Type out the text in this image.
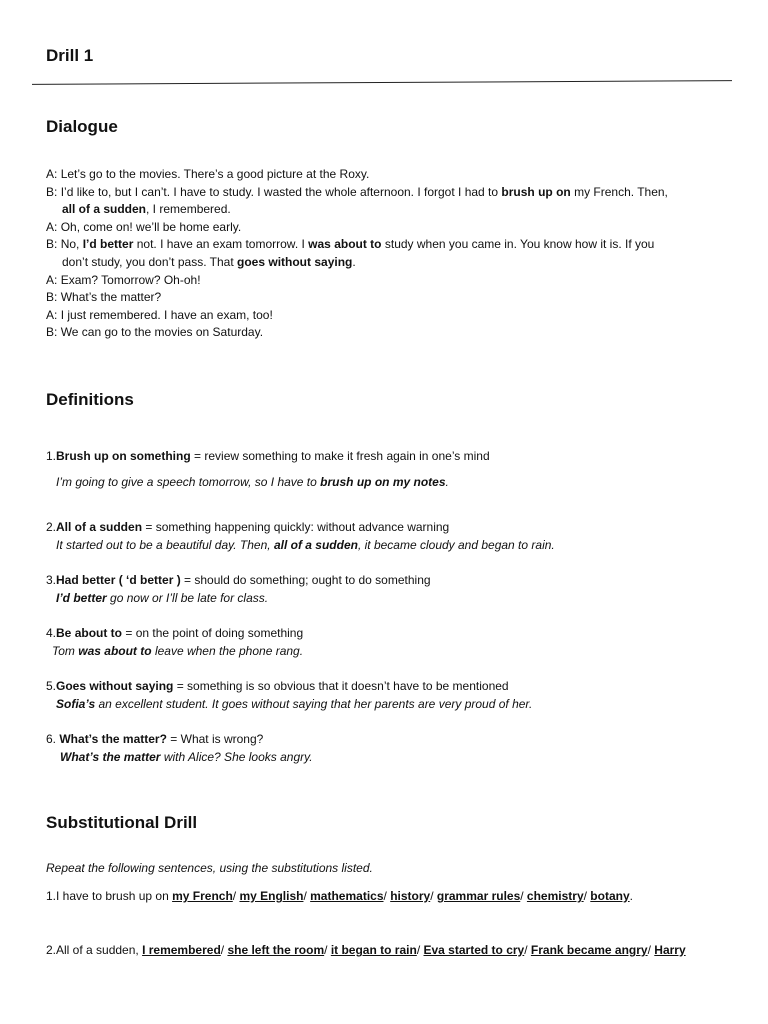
Drill 1
Dialogue

A: Let’s go to the movies. There’s a good picture at the Roxy.

B: I’d like to, but I can’t. I have to study. I wasted the whole afternoon. I forgot I had to brush up on my French. Then,

all of a sudden, I remembered.

A: Oh, come on! we’ll be home early.

B: No, I’d better not. I have an exam tomorrow. I was about to study when you came in. You know how it is. If you

don’t study, you don’t pass. That goes without saying.

A: Exam? Tomorrow? Oh-oh!

B: What’s the matter?

A: I just remembered. I have an exam, too!

B: We can go to the movies on Saturday.

Definitions
1.Brush up on something = review something to make it fresh again in one’s mind
I’m going to give a speech tomorrow, so I have to brush up on my notes.
2.All of a sudden = something happening quickly: without advance warning
It started out to be a beautiful day. Then, all of a sudden, it became cloudy and began to rain.
3.Had better ( ‘d better ) = should do something; ought to do something
I’d better go now or I’ll be late for class.
4.Be about to = on the point of doing something
Tom was about to leave when the phone rang.
5.Goes without saying = something is so obvious that it doesn’t have to be mentioned
Sofia’s an excellent student. It goes without saying that her parents are very proud of her.
6. What’s the matter? = What is wrong?
What’s the matter with Alice? She looks angry.
Substitutional Drill
Repeat the following sentences, using the substitutions listed.
1.I have to brush up on my French/ my English/ mathematics/ history/ grammar rules/ chemistry/ botany.
2.All of a sudden, I remembered/ she left the room/ it began to rain/ Eva started to cry/ Frank became angry/ Harry
